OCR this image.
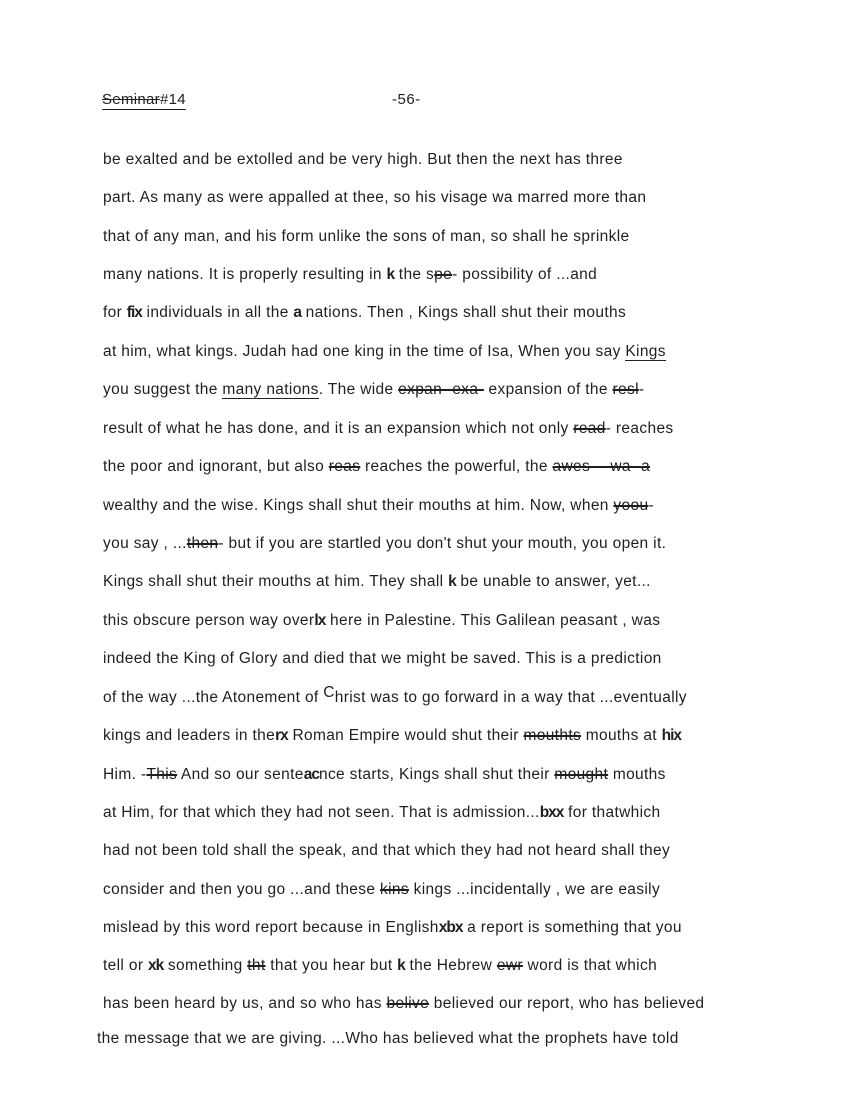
Seminar#14	-56-
be exalted and be extolled and be very high. But then the next has three
part. As many as were appalled at thee, so his visage wa marred more than
that of any man, and his form unlike the sons of man, so shall he sprinkle
many nations. It is properly resulting in k the spe- possibility of ...and
for fix individuals in all the a nations. Then , Kings shall shut their mouths
at him, what kings. Judah had one king in the time of Isa, When you say Kings
you suggest the many nations. The wide expan- exa- expansion of the resl-
result of what he has done, and it is an expansion which not only read- reaches
the poor and ignorant, but also reas reaches the powerful, the awes -- wa- a
wealthy and the wise. Kings shall shut their mouths at him. Now, when yoou-
you say , ...then- but if you are startled you don't shut your mouth, you open it.
Kings shall shut their mouths at him. They shall k be unable to answer, yet...
this obscure person way overlx here in Palestine. This Galilean peasant , was
indeed the King of Glory and died that we might be saved. This is a prediction
of the way ...the Atonement of Christ was to go forward in a way that ...eventually
kings and leaders in therx Roman Empire would shut their mouthts mouths at hix
Him. -This And so our senteacnce starts, Kings shall shut their mought mouths
at Him, for that which they had not seen. That is admission...bxx for thatwhich
had not been told shall the speak, and that which they had not heard shall they
consider and then you go ...and these kins kings ...incidentally , we are easily
mislead by this word report because in Englishxbx a report is something that you
tell or xk something tht that you hear but k the Hebrew ewr word is that which
has been heard by us, and so who has belive believed our report, who has believed
the message that we are giving. ...Who has believed what the prophets have told
